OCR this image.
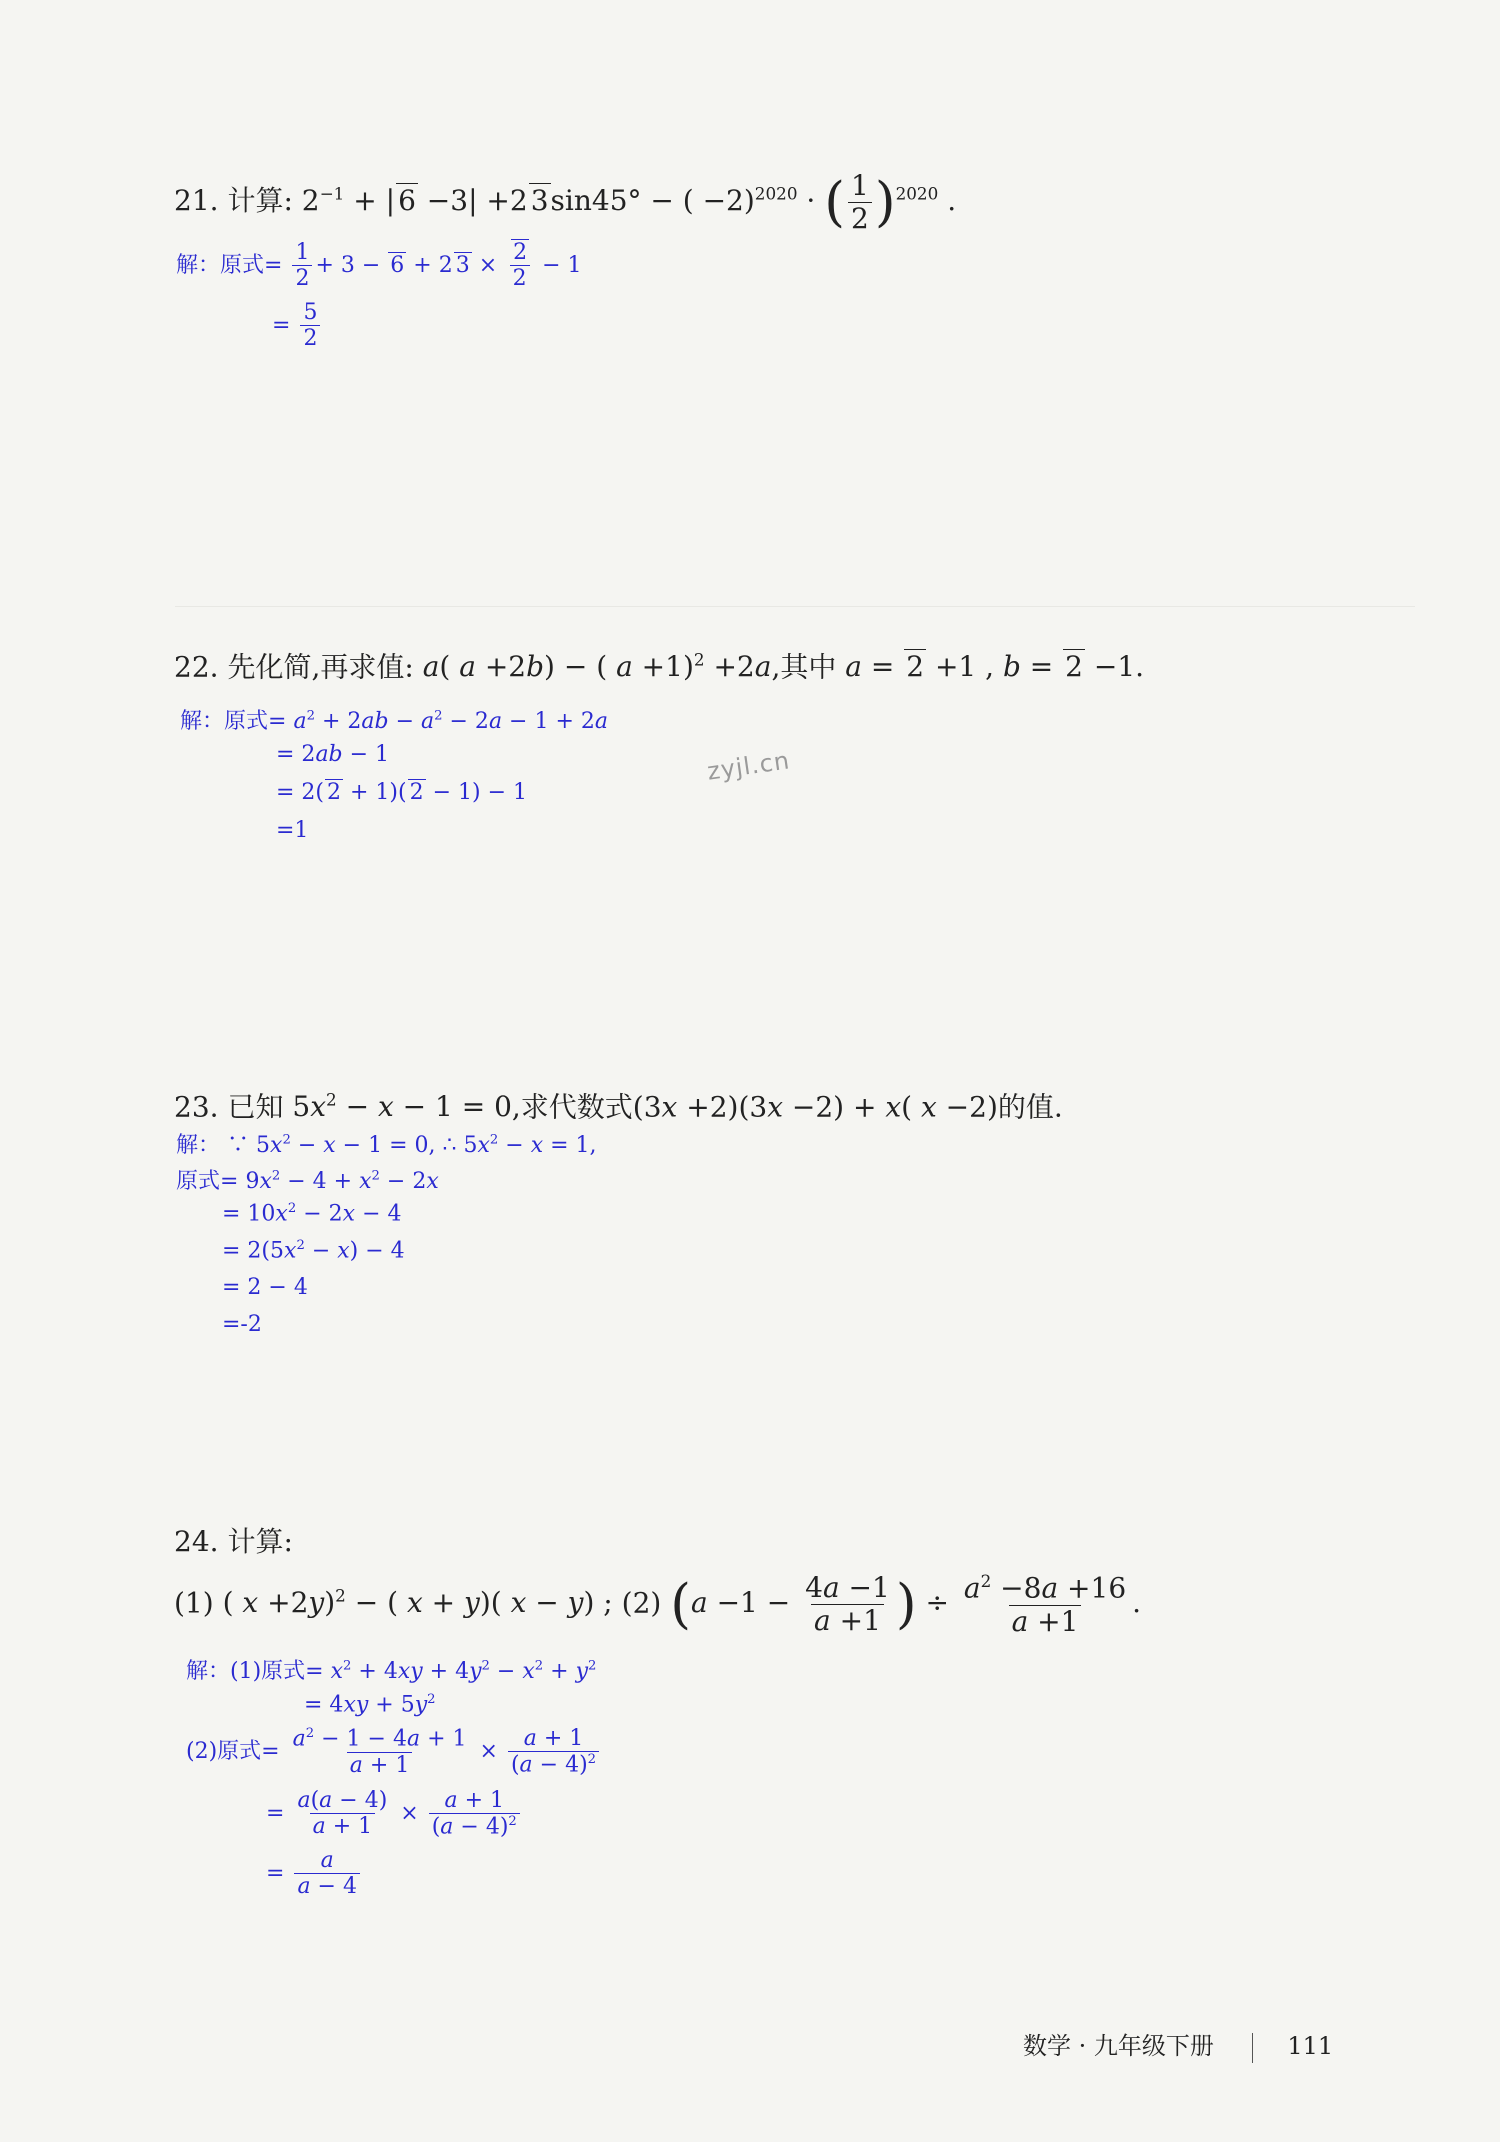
21. 计算: $2^{-1}$ + | 6 −3| +2 3sin45° − ( −2)$^{2020}$ · ( $\frac{1}{2} )^{2020}$ .
解：原式= $\frac{1}{2} + 3 - 6 + 2$ $3 \times \frac{2}{2} - 1$
= $\frac{5}{2}$
22. 先化简,再求值: a( a +2b) − ( a +1)$^2$ +2a,其中 a = 2 +1 , b = 2 −1.
解：原式= $a^2 + 2ab - a^2 - 2a - 1 + 2a$
= 2ab − 1
= 2( 2 + 1)( 2 − 1) − 1
=1
zyjl.cn
23. 已知 $5x^2 - x - 1 = 0$,求代数式(3x +2)(3x −2) + x( x −2)的值.
解： ∵ $5x^2 - x - 1 = 0$, ∴ $5x^2 - x = 1$,
原式= $9x^2 - 4 + x^2 - 2x$
= $10x^2 - 2x - 4$
= $2(5x^2 - x) - 4$
= 2 − 4
=-2
24. 计算:
(1) ( x +2y)$^2$ − ( x + y)( x − y) ; (2) ($a -1 - \frac{4a -1}{a +1}$ ) ÷ $\frac{a^2 -8a +16}{a +1}$ .
解：(1)原式= $x^2 + 4xy + 4y^2 - x^2 + y^2$
= $4xy + 5y^2$
(2)原式= $\frac{a^2 - 1 - 4a + 1}{a + 1} \times \frac{a + 1}{(a - 4)^2}$
= $\frac{a(a - 4)}{a + 1} \times \frac{a + 1}{(a - 4)^2}$
= $\frac{a}{a - 4}$
数学 · 九年级下册	111
